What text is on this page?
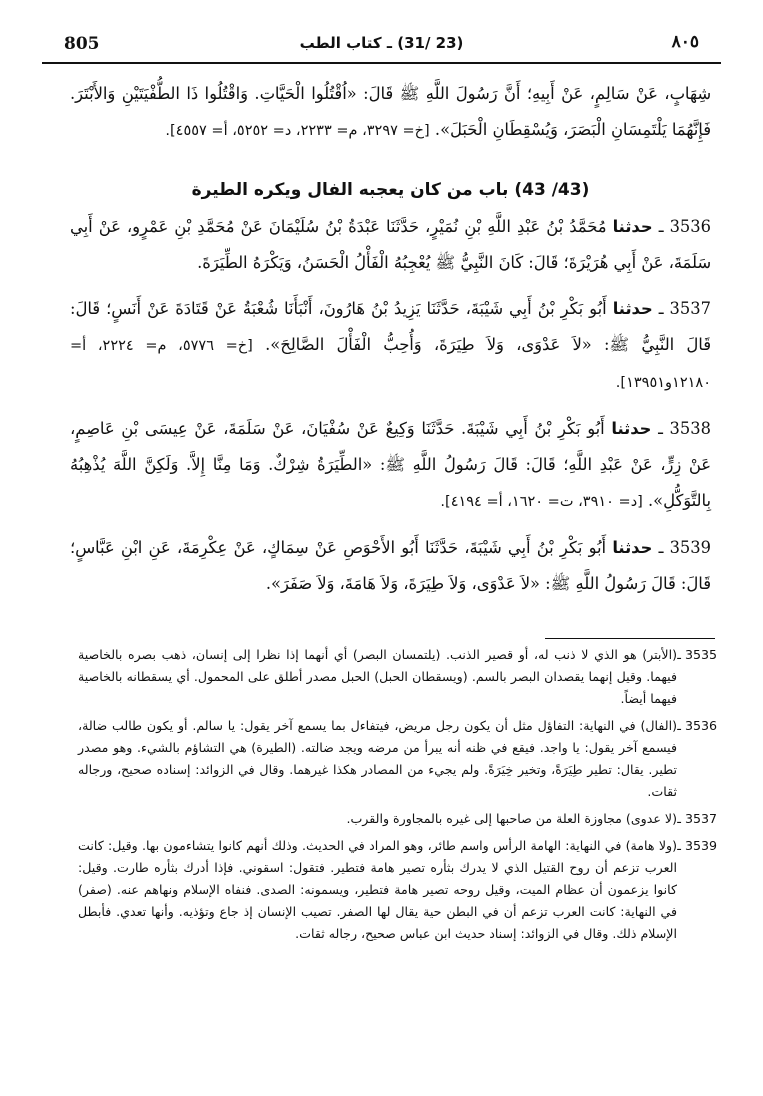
805	(23 /31) ـ كتاب الطب	٨٠٥

شِهَابٍ، عَنْ سَالِمٍ، عَنْ أَبِيهِ؛ أَنَّ رَسُولَ اللَّهِ ﷺ قَالَ: «اُقْتُلُوا الْحَيَّاتِ. وَاقْتُلُوا ذَا الطُّفْيَتَيْنِ وَالأَبْتَرَ. فَإِنَّهُمَا يَلْتَمِسَانِ الْبَصَرَ، وَيُسْقِطَانِ الْحَبَلَ». [خ= ٣٢٩٧، م= ٢٢٣٣، د= ٥٢٥٢، أ= ٤٥٥٧].

(43/ 43) باب من كان يعجبه الفال ويكره الطيرة

3536 ـ حدثنا مُحَمَّدُ بْنُ عَبْدِ اللَّهِ بْنِ نُمَيْرٍ، حَدَّثَنَا عَبْدَةُ بْنُ سُلَيْمَانَ عَنْ مُحَمَّدِ بْنِ عَمْرٍو، عَنْ أَبِي سَلَمَةَ، عَنْ أَبِي هُرَيْرَةَ؛ قَالَ: كَانَ النَّبِيُّ ﷺ يُعْجِبُهُ الْفَأْلُ الْحَسَنُ، وَيَكْرَهُ الطِّيَرَةَ.

3537 ـ حدثنا أَبُو بَكْرِ بْنُ أَبِي شَيْبَةَ، حَدَّثَنَا يَزِيدُ بْنُ هَارُونَ، أَنْبَأَنَا شُعْبَةُ عَنْ قَتَادَةَ عَنْ أَنَسٍ؛ قَالَ: قَالَ النَّبِيُّ ﷺ: «لاَ عَدْوَى، وَلاَ طِيَرَةَ، وَأُحِبُّ الْفَأْلَ الصَّالِحَ». [خ= ٥٧٧٦، م= ٢٢٢٤، أ= ١٢١٨٠و١٣٩٥١].

3538 ـ حدثنا أَبُو بَكْرِ بْنُ أَبِي شَيْبَةَ. حَدَّثَنَا وَكِيعٌ عَنْ سُفْيَانَ، عَنْ سَلَمَةَ، عَنْ عِيسَى بْنِ عَاصِمٍ، عَنْ زِرٍّ، عَنْ عَبْدِ اللَّهِ؛ قَالَ: قَالَ رَسُولُ اللَّهِ ﷺ: «الطِّيَرَةُ شِرْكٌ. وَمَا مِنَّا إِلاَّ. وَلَكِنَّ اللَّهَ يُذْهِبُهُ بِالتَّوَكُّلِ». [د= ٣٩١٠، ت= ١٦٢٠، أ= ٤١٩٤].

3539 ـ حدثنا أَبُو بَكْرِ بْنُ أَبِي شَيْبَةَ، حَدَّثَنَا أَبُو الأَحْوَصِ عَنْ سِمَاكٍ، عَنْ عِكْرِمَةَ، عَنِ ابْنِ عَبَّاسٍ؛ قَالَ: قَالَ رَسُولُ اللَّهِ ﷺ: «لاَ عَدْوَى، وَلاَ طِيَرَةَ، وَلاَ هَامَةَ، وَلاَ صَفَرَ».

3535 ـ
(الأبتر) هو الذي لا ذنب له، أو قصير الذنب. (يلتمسان البصر) أي أنهما إذا نظرا إلى إنسان، ذهب بصره بالخاصية فيهما. وقيل إنهما يقصدان البصر بالسم. (ويسقطان الحبل) الحبل مصدر أطلق على المحمول. أي يسقطانه بالخاصية فيهما أيضاً.

3536 ـ
(الفال) في النهاية: التفاؤل مثل أن يكون رجل مريض، فيتفاءل بما يسمع آخر يقول: يا سالم. أو يكون طالب ضالة، فيسمع آخر يقول: يا واجد. فيقع في ظنه أنه يبرأ من مرضه ويجد ضالته. (الطيرة) هي التشاؤم بالشيء. وهو مصدر تطير. يقال: تطير طِيَرَةً، وتخير خِيَرَةً. ولم يجيء من المصادر هكذا غيرهما. وقال في الزوائد: إسناده صحيح، ورجاله ثقات.

3537 ـ
(لا عدوى) مجاوزة العلة من صاحبها إلى غيره بالمجاورة والقرب.

3539 ـ
(ولا هامة) في النهاية: الهامة الرأس واسم طائر، وهو المراد في الحديث. وذلك أنهم كانوا يتشاءمون بها. وقيل: كانت العرب تزعم أن روح القتيل الذي لا يدرك بثأره تصير هامة فتطير. فتقول: اسقوني. فإذا أدرك بثأره طارت. وقيل: كانوا يزعمون أن عظام الميت، وقيل روحه تصير هامة فتطير، ويسمونه: الصدى. فنفاه الإسلام ونهاهم عنه. (صفر) في النهاية: كانت العرب تزعم أن في البطن حية يقال لها الصفر. تصيب الإنسان إذ جاع وتؤذيه. وأنها تعدي. فأبطل الإسلام ذلك. وقال في الزوائد: إسناد حديث ابن عباس صحيح، رجاله ثقات.
